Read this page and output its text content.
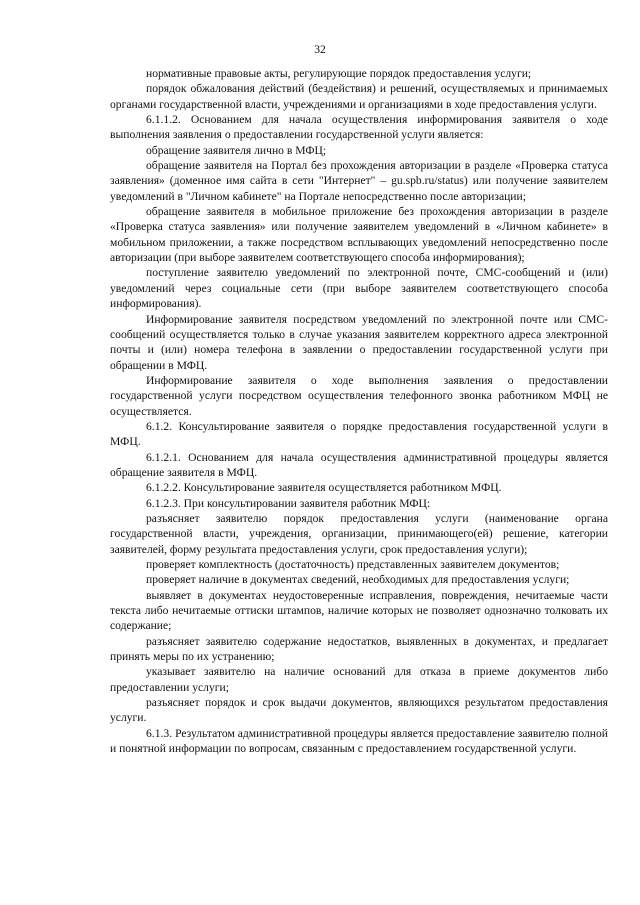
32

нормативные правовые акты, регулирующие порядок предоставления услуги;

порядок обжалования действий (бездействия) и решений, осуществляемых и принимаемых органами государственной власти, учреждениями и организациями в ходе предоставления услуги.

6.1.1.2. Основанием для начала осуществления информирования заявителя о ходе выполнения заявления о предоставлении государственной услуги является:

обращение заявителя лично в МФЦ;

обращение заявителя на Портал без прохождения авторизации в разделе «Проверка статуса заявления» (доменное имя сайта в сети "Интернет" – gu.spb.ru/status) или получение заявителем уведомлений в "Личном кабинете" на Портале непосредственно после авторизации;

обращение заявителя в мобильное приложение без прохождения авторизации в разделе «Проверка статуса заявления» или получение заявителем уведомлений в «Личном кабинете» в мобильном приложении, а также посредством всплывающих уведомлений непосредственно после авторизации (при выборе заявителем соответствующего способа информирования);

поступление заявителю уведомлений по электронной почте, СМС-сообщений и (или) уведомлений через социальные сети (при выборе заявителем соответствующего способа информирования).

Информирование заявителя посредством уведомлений по электронной почте или СМС-сообщений осуществляется только в случае указания заявителем корректного адреса электронной почты и (или) номера телефона в заявлении о предоставлении государственной услуги при обращении в МФЦ.

Информирование заявителя о ходе выполнения заявления о предоставлении государственной услуги посредством осуществления телефонного звонка работником МФЦ не осуществляется.

6.1.2. Консультирование заявителя о порядке предоставления государственной услуги в МФЦ.

6.1.2.1. Основанием для начала осуществления административной процедуры является обращение заявителя в МФЦ.

6.1.2.2. Консультирование заявителя осуществляется работником МФЦ.

6.1.2.3. При консультировании заявителя работник МФЦ:

разъясняет заявителю порядок предоставления услуги (наименование органа государственной власти, учреждения, организации, принимающего(ей) решение, категории заявителей, форму результата предоставления услуги, срок предоставления услуги);

проверяет комплектность (достаточность) представленных заявителем документов;

проверяет наличие в документах сведений, необходимых для предоставления услуги;

выявляет в документах неудостоверенные исправления, повреждения, нечитаемые части текста либо нечитаемые оттиски штампов, наличие которых не позволяет однозначно толковать их содержание;

разъясняет заявителю содержание недостатков, выявленных в документах, и предлагает принять меры по их устранению;

указывает заявителю на наличие оснований для отказа в приеме документов либо предоставлении услуги;

разъясняет порядок и срок выдачи документов, являющихся результатом предоставления услуги.

6.1.3. Результатом административной процедуры является предоставление заявителю полной и понятной информации по вопросам, связанным с предоставлением государственной услуги.
